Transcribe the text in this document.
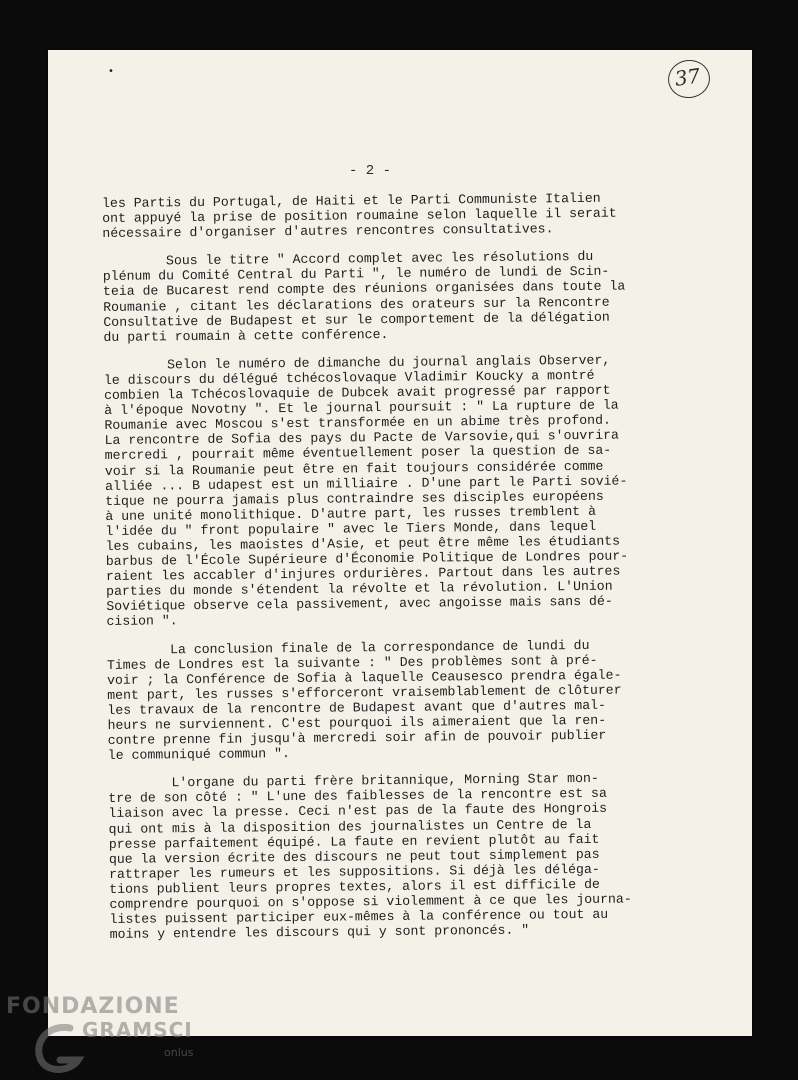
•	37
- 2 -
les Partis du Portugal, de Haiti et le Parti Communiste Italien
ont appuyé la prise de position roumaine selon laquelle il serait
nécessaire d'organiser d'autres rencontres consultatives.
Sous le titre " Accord complet avec les résolutions du
plénum du Comité Central du Parti ", le numéro de lundi de Scin-
teia de Bucarest rend compte des réunions organisées dans toute la
Roumanie , citant les déclarations des orateurs sur la Rencontre
Consultative de Budapest et sur le comportement de la délégation
du parti roumain à cette conférence.
Selon le numéro de dimanche du journal anglais Observer,
le discours du délégué tchécoslovaque Vladimir Koucky a montré
combien la Tchécoslovaquie de Dubcek avait progressé par rapport
à l'époque Novotny ". Et le journal poursuit : " La rupture de la
Roumanie avec Moscou s'est transformée en un abime très profond.
La rencontre de Sofia des pays du Pacte de Varsovie,qui s'ouvrira
mercredi , pourrait même éventuellement poser la question de sa-
voir si la Roumanie peut être en fait toujours considérée comme
alliée ... B udapest est un milliaire . D'une part le Parti sovié-
tique ne pourra jamais plus contraindre ses disciples européens
à une unité monolithique. D'autre part, les russes tremblent à
l'idée du " front populaire " avec le Tiers Monde, dans lequel
les cubains, les maoistes d'Asie, et peut être même les étudiants
barbus de l'École Supérieure d'Économie Politique de Londres pour-
raient les accabler d'injures ordurières. Partout dans les autres
parties du monde s'étendent la révolte et la révolution. L'Union
Soviétique observe cela passivement, avec angoisse mais sans dé-
cision ".
La conclusion finale de la correspondance de lundi du
Times de Londres est la suivante : " Des problèmes sont à pré-
voir ; la Conférence de Sofia à laquelle Ceausesco prendra égale-
ment part, les russes s'efforceront vraisemblablement de clôturer
les travaux de la rencontre de Budapest avant que d'autres mal-
heurs ne surviennent. C'est pourquoi ils aimeraient que la ren-
contre prenne fin jusqu'à mercredi soir afin de pouvoir publier
le communiqué commun ".
L'organe du parti frère britannique, Morning Star mon-
tre de son côté : " L'une des faiblesses de la rencontre est sa
liaison avec la presse. Ceci n'est pas de la faute des Hongrois
qui ont mis à la disposition des journalistes un Centre de la
presse parfaitement équipé. La faute en revient plutôt au fait
que la version écrite des discours ne peut tout simplement pas
rattraper les rumeurs et les suppositions. Si déjà les déléga-
tions publient leurs propres textes, alors il est difficile de
comprendre pourquoi on s'oppose si violemment à ce que les journa-
listes puissent participer eux-mêmes à la conférence ou tout au
moins y entendre les discours qui y sont prononcés. "
FONDAZIONE
GRAMSCI
onlus
